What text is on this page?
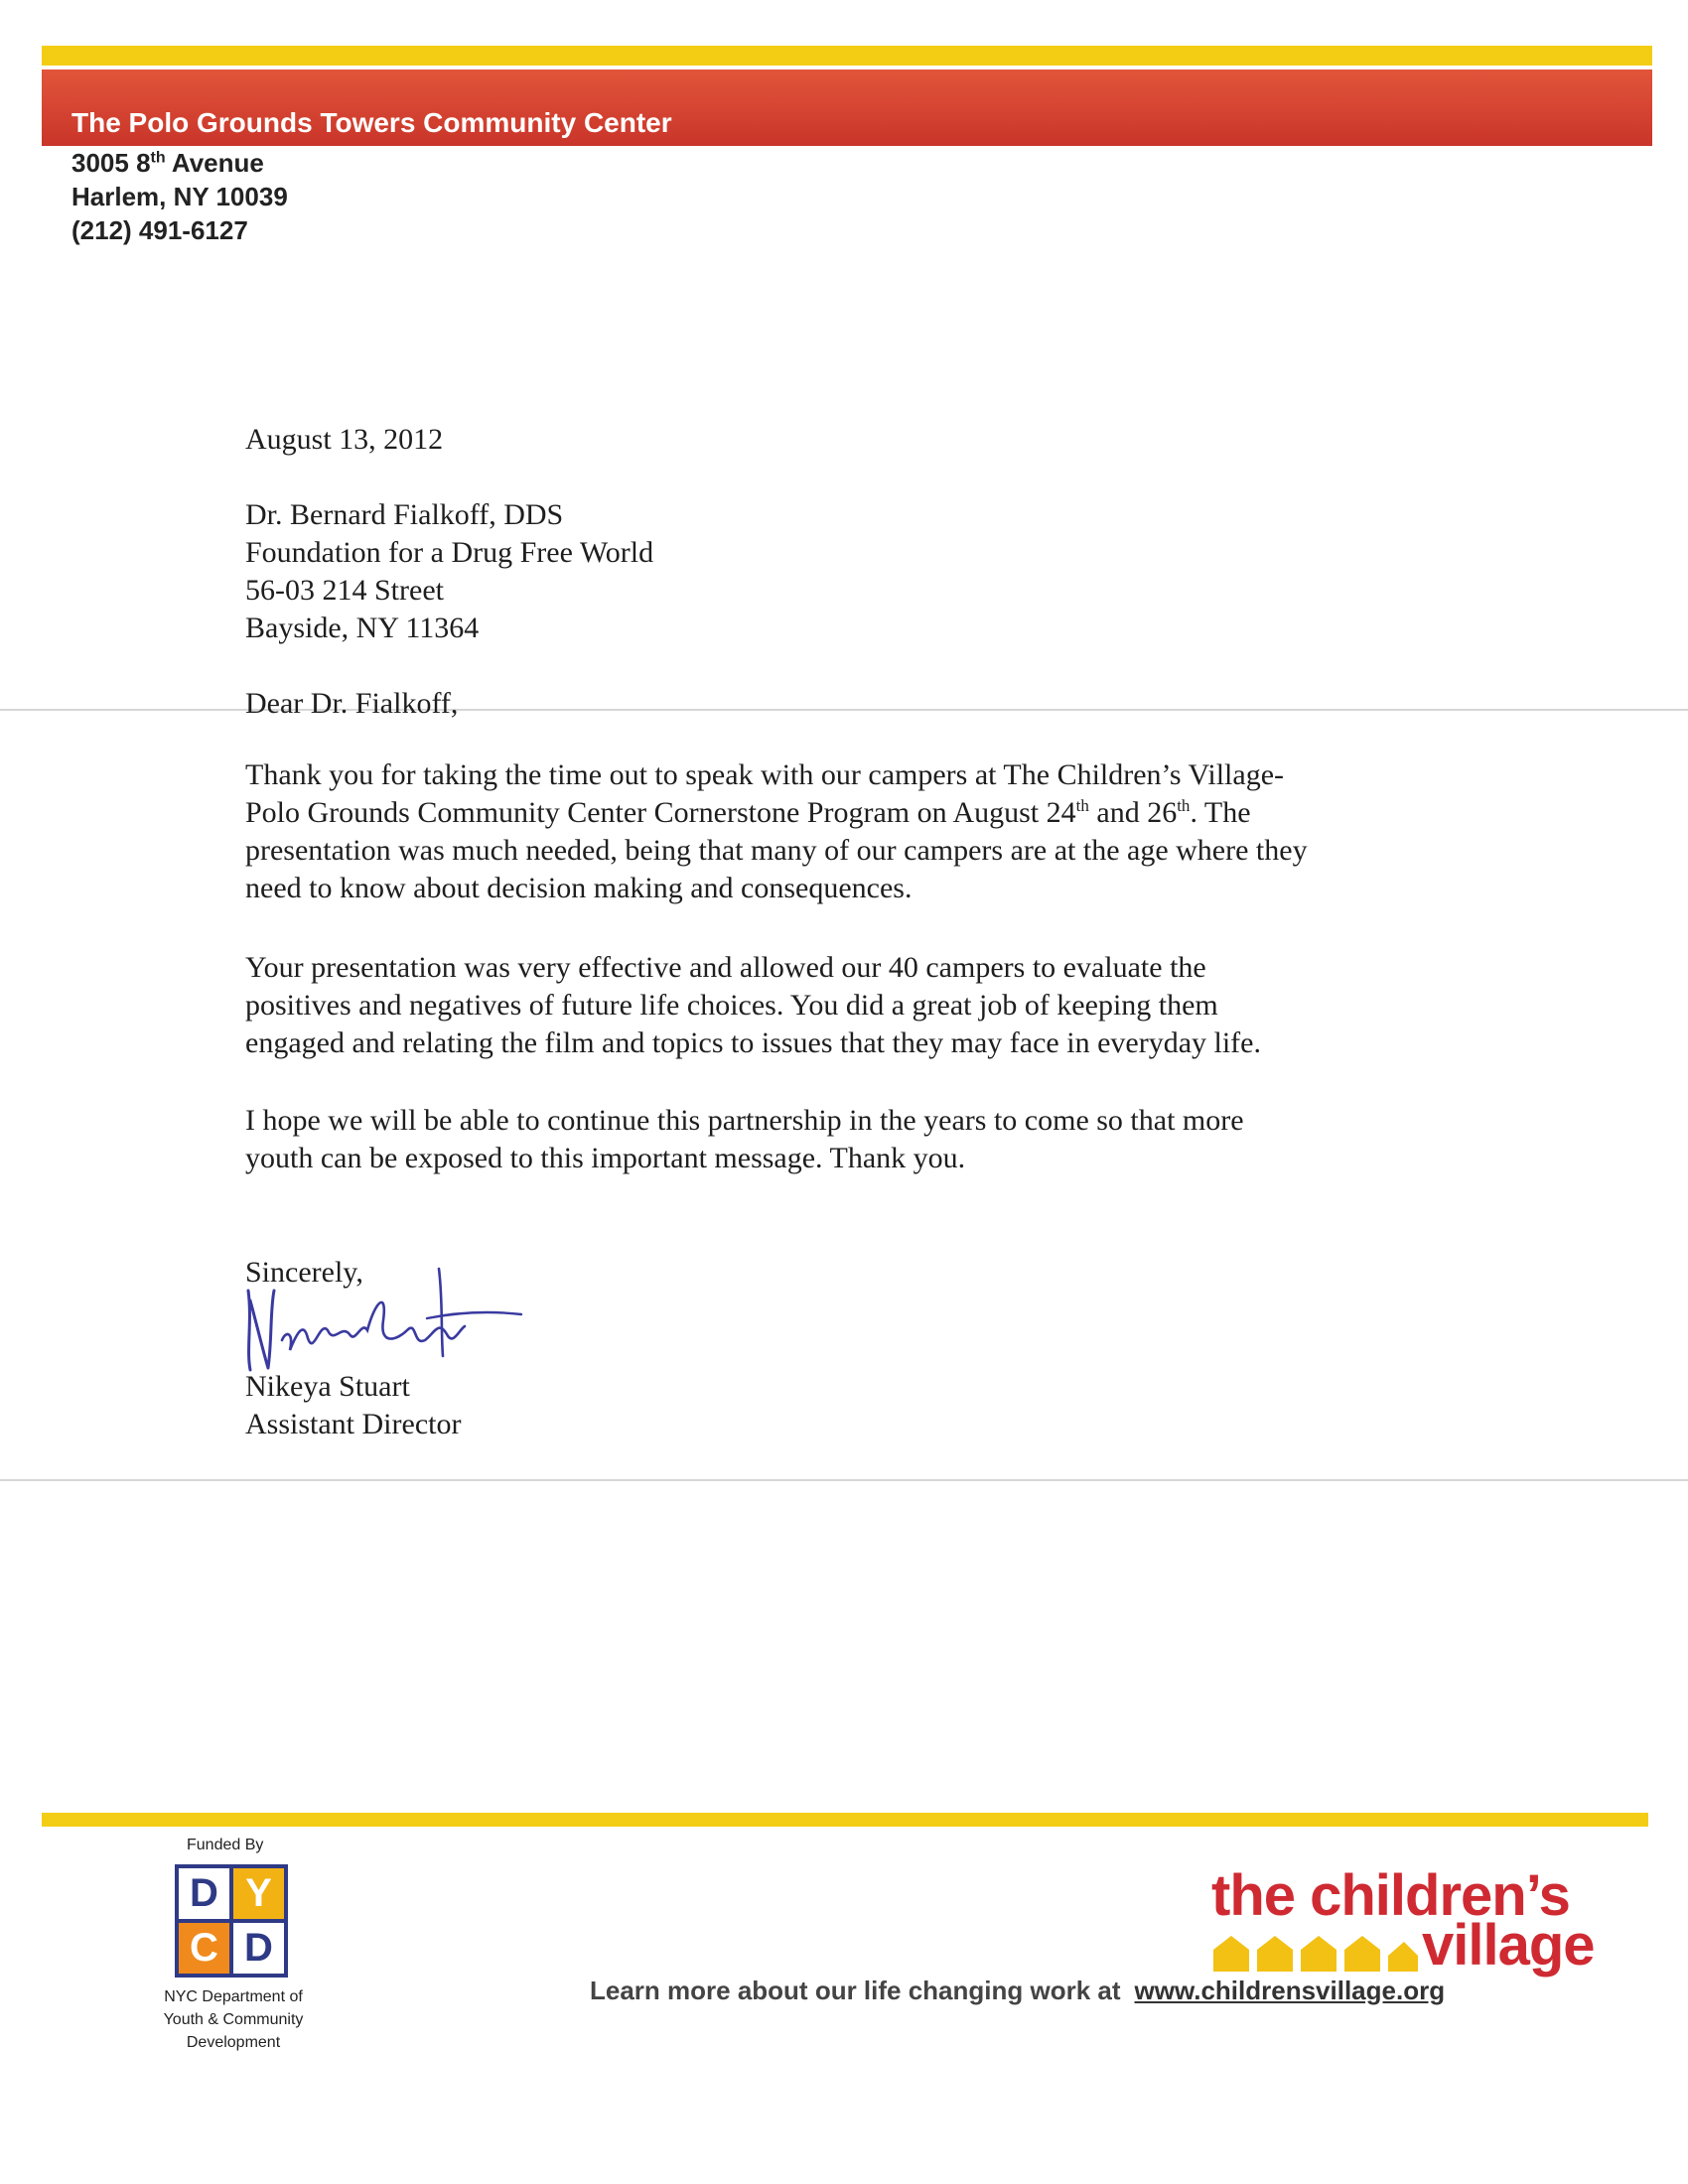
The Polo Grounds Towers Community Center
3005 8th Avenue
Harlem, NY 10039
(212) 491-6127
August 13, 2012
Dr. Bernard Fialkoff, DDS
Foundation for a Drug Free World
56-03 214 Street
Bayside, NY 11364
Dear Dr. Fialkoff,
Thank you for taking the time out to speak with our campers at The Children’s Village-
Polo Grounds Community Center Cornerstone Program on August 24th and 26th. The
presentation was much needed, being that many of our campers are at the age where they
need to know about decision making and consequences.
Your presentation was very effective and allowed our 40 campers to evaluate the
positives and negatives of future life choices. You did a great job of keeping them
engaged and relating the film and topics to issues that they may face in everyday life.
I hope we will be able to continue this partnership in the years to come so that more
youth can be exposed to this important message. Thank you.
Sincerely,
Nikeya Stuart
Assistant Director
Funded By
D Y
C D
NYC Department of
Youth & Community
Development
the children’s
village
Learn more about our life changing work at www.childrensvillage.org
